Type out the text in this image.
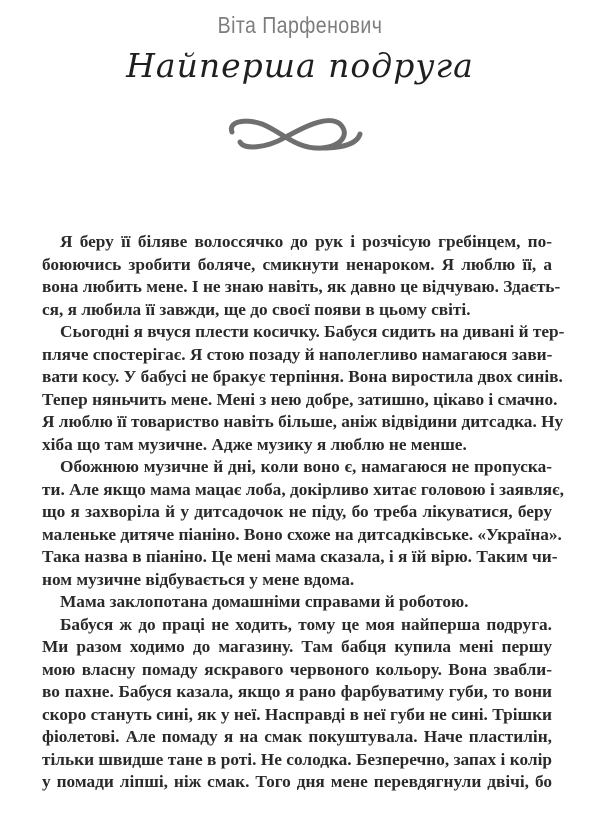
Віта Парфенович
Найперша подруга
Я беру її біляве волоссячко до рук і розчісую гребінцем, по-
боюючись зробити боляче, смикнути ненароком. Я люблю її, а
вона любить мене. І не знаю навіть, як давно це відчуваю. Здаєть-
ся, я любила її завжди, ще до своєї появи в цьому світі.
Сьогодні я вчуся плести косичку. Бабуся сидить на дивані й тер-
пляче спостерігає. Я стою позаду й наполегливо намагаюся зави-
вати косу. У бабусі не бракує терпіння. Вона виростила двох синів.
Тепер няньчить мене. Мені з нею добре, затишно, цікаво і смачно.
Я люблю її товариство навіть більше, аніж відвідини дитсадка. Ну
хіба що там музичне. Адже музику я люблю не менше.
Обожнюю музичне й дні, коли воно є, намагаюся не пропуска-
ти. Але якщо мама мацає лоба, докірливо хитає головою і заявляє,
що я захворіла й у дитсадочок не піду, бо треба лікуватися, беру
маленьке дитяче піаніно. Воно схоже на дитсадківське. «Україна».
Така назва в піаніно. Це мені мама сказала, і я їй вірю. Таким чи-
ном музичне відбувається у мене вдома.
Мама заклопотана домашніми справами й роботою.
Бабуся ж до праці не ходить, тому це моя найперша подруга.
Ми разом ходимо до магазину. Там бабця купила мені першу
мою власну помаду яскравого червоного кольору. Вона звабли-
во пахне. Бабуся казала, якщо я рано фарбуватиму губи, то вони
скоро стануть сині, як у неї. Насправді в неї губи не сині. Трішки
фіолетові. Але помаду я на смак покуштувала. Наче пластилін,
тільки швидше тане в роті. Не солодка. Безперечно, запах і колір
у помади ліпші, ніж смак. Того дня мене перевдягнули двічі, бо
